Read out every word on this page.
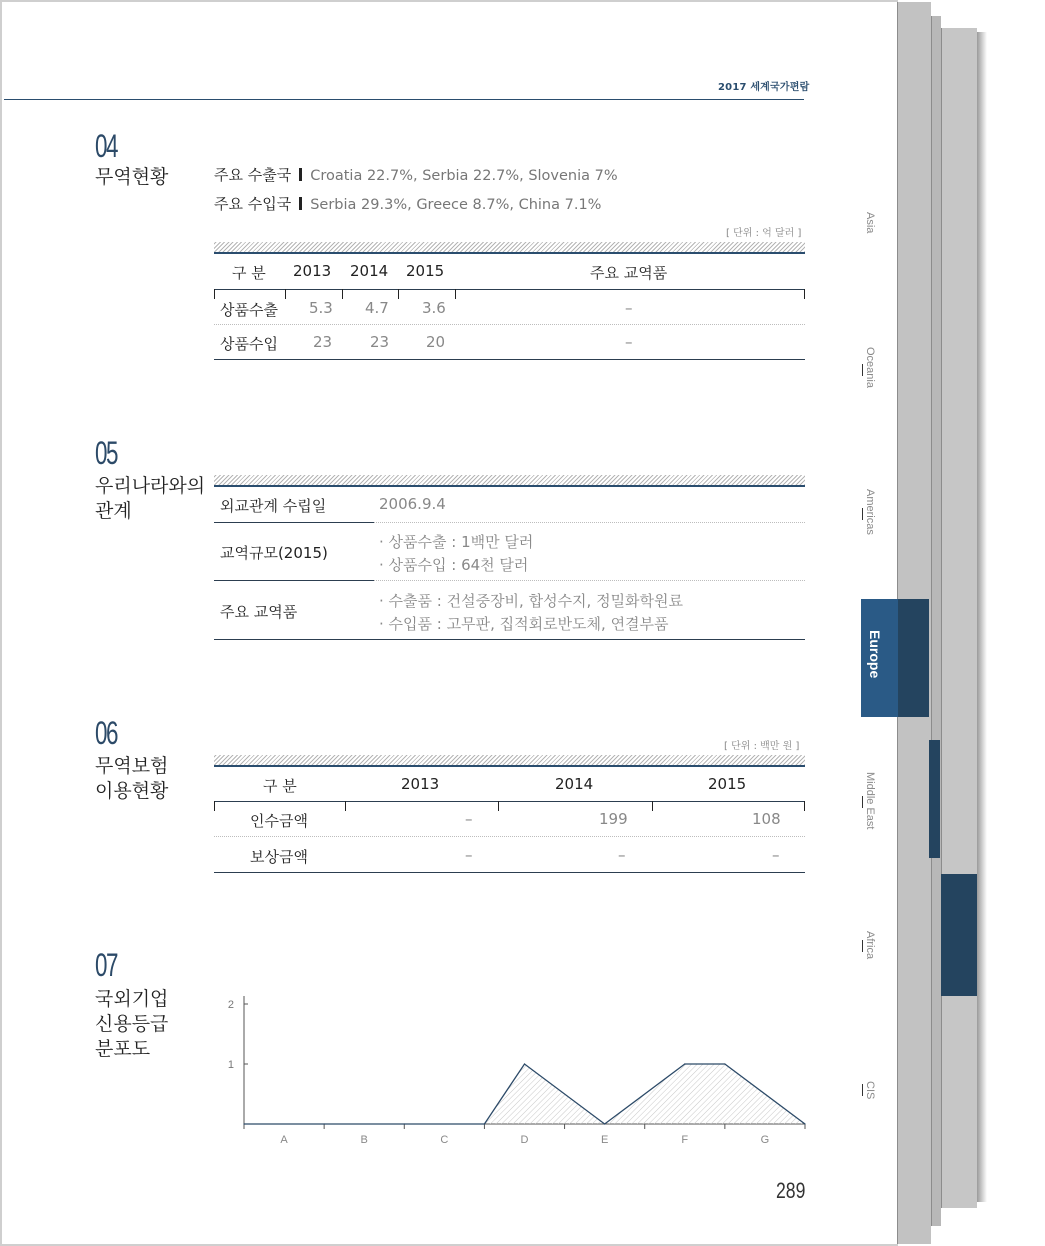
2017 세계국가편람
04
무역현황	주요 수출국 Croatia 22.7%, Serbia 22.7%, Slovenia 7%
주요 수입국 Serbia 29.3%, Greece 8.7%, China 7.1%
[ 단위 : 억 달러 ]
구 분 2013 2014 2015	주요 교역품
상품수출 5.3 4.7 3.6	–
상품수입 23	23 20	–
05
우리나라와의
관계	외교관계 수립일	2006.9.4
교역규모(2015)
· 상품수출 : 1백만 달러
· 상품수입 : 64천 달러
주요 교역품
· 수출품 : 건설중장비, 합성수지, 정밀화학원료
· 수입품 : 고무판, 집적회로반도체, 연결부품
06
무역보험
이용현황
[ 단위 : 백만 원 ]
구 분	2013	2014	2015
인수금액	–	199	108
보상금액	–	–	–
07
국외기업
신용등급
분포도
1
2
A	B	C	D	E	F	G
289
Asia
Oceania
Americas
Europe
Middle East
Africa
CIS
